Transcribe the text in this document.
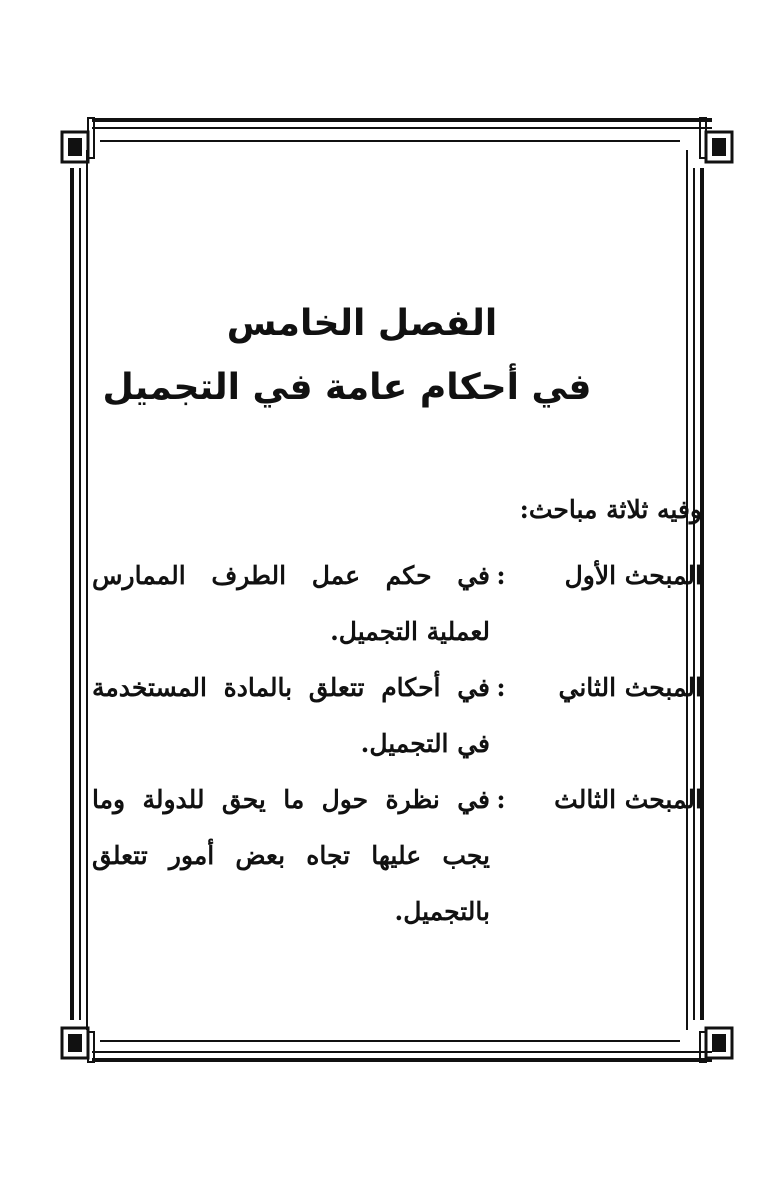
الفصل الخامس
في أحكام عامة في التجميل
وفيه ثلاثة مباحث:
المبحث الأول
:
في حكم عمل الطرف الممارس لعملية التجميل.
المبحث الثاني
:
في أحكام تتعلق بالمادة المستخدمة في التجميل.
المبحث الثالث
:
في نظرة حول ما يحق للدولة وما يجب عليها تجاه بعض أمور تتعلق بالتجميل.
